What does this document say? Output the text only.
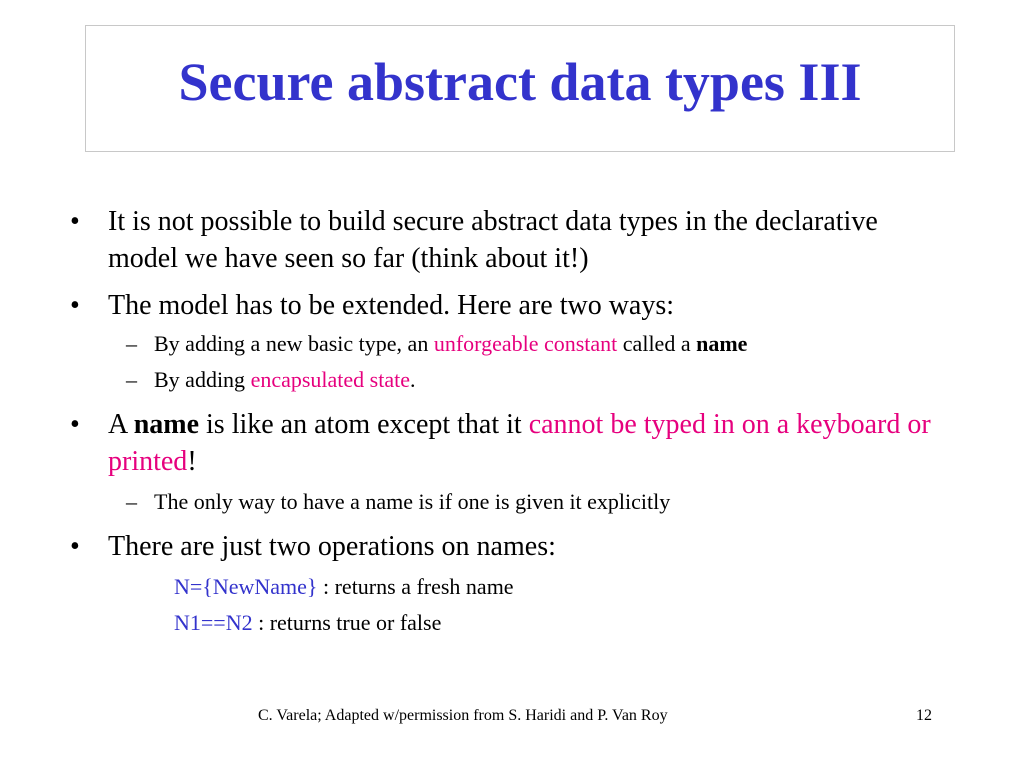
Secure abstract data types III

• It is not possible to build secure abstract data types in the declarative model we have seen so far (think about it!)

• The model has to be extended. Here are two ways:

– By adding a new basic type, an unforgeable constant called a name

– By adding encapsulated state.

• A name is like an atom except that it cannot be typed in on a keyboard or printed!

– The only way to have a name is if one is given it explicitly

• There are just two operations on names:

N={NewName} : returns a fresh name

N1==N2 : returns true or false

C. Varela; Adapted w/permission from S. Haridi and P. Van Roy	12
